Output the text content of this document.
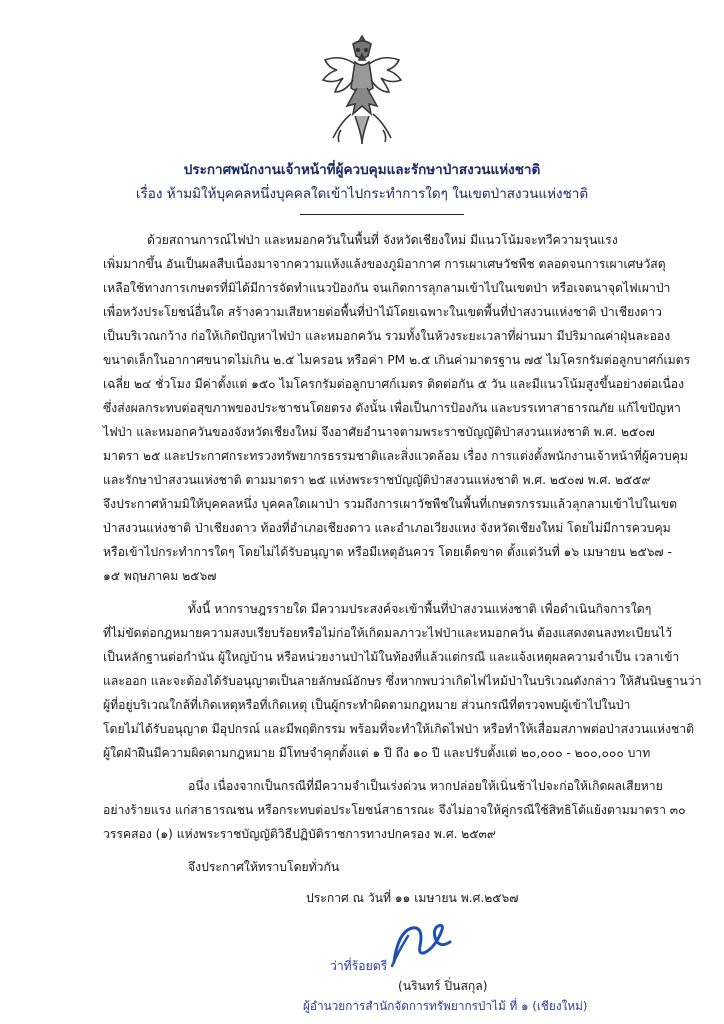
ประกาศพนักงานเจ้าหน้าที่ผู้ควบคุมและรักษาป่าสงวนแห่งชาติ
เรื่อง ห้ามมิให้บุคคลหนึ่งบุคคลใดเข้าไปกระทำการใดๆ ในเขตป่าสงวนแห่งชาติ
ด้วยสถานการณ์ไฟป่า และหมอกควันในพื้นที่ จังหวัดเชียงใหม่ มีแนวโน้มจะทวีความรุนแรง
เพิ่มมากขึ้น อันเป็นผลสืบเนื่องมาจากความแห้งแล้งของภูมิอากาศ การเผาเศษวัชพืช ตลอดจนการเผาเศษวัสดุ
เหลือใช้ทางการเกษตรที่มิได้มีการจัดทำแนวป้องกัน จนเกิดการลุกลามเข้าไปในเขตป่า หรือเจตนาจุดไฟเผาป่า
เพื่อหวังประโยชน์อื่นใด สร้างความเสียหายต่อพื้นที่ป่าไม้โดยเฉพาะในเขตพื้นที่ป่าสงวนแห่งชาติ ป่าเชียงดาว
เป็นบริเวณกว้าง ก่อให้เกิดปัญหาไฟป่า และหมอกควัน รวมทั้งในห้วงระยะเวลาที่ผ่านมา มีปริมาณค่าฝุ่นละออง
ขนาดเล็กในอากาศขนาดไม่เกิน ๒.๕ ไมครอน หรือค่า PM ๒.๕ เกินค่ามาตรฐาน ๗๕ ไมโครกรัมต่อลูกบาศก์เมตร
เฉลี่ย ๒๔ ชั่วโมง มีค่าตั้งแต่ ๑๕๐ ไมโครกรัมต่อลูกบาศก์เมตร ติดต่อกัน ๕ วัน และมีแนวโน้มสูงขึ้นอย่างต่อเนื่อง
ซึ่งส่งผลกระทบต่อสุขภาพของประชาชนโดยตรง ดังนั้น เพื่อเป็นการป้องกัน และบรรเทาสาธารณภัย แก้ไขปัญหา
ไฟป่า และหมอกควันของจังหวัดเชียงใหม่ จึงอาศัยอำนาจตามพระราชบัญญัติป่าสงวนแห่งชาติ พ.ศ. ๒๕๐๗
มาตรา ๒๕ และประกาศกระทรวงทรัพยากรธรรมชาติและสิ่งแวดล้อม เรื่อง การแต่งตั้งพนักงานเจ้าหน้าที่ผู้ควบคุม
และรักษาป่าสงวนแห่งชาติ ตามมาตรา ๒๕ แห่งพระราชบัญญัติป่าสงวนแห่งชาติ พ.ศ. ๒๕๐๗ พ.ศ. ๒๕๕๙
จึงประกาศห้ามมิให้บุคคลหนึ่ง บุคคลใดเผาป่า รวมถึงการเผาวัชพืชในพื้นที่เกษตรกรรมแล้วลุกลามเข้าไปในเขต
ป่าสงวนแห่งชาติ ป่าเชียงดาว ท้องที่อำเภอเชียงดาว และอำเภอเวียงแหง จังหวัดเชียงใหม่ โดยไม่มีการควบคุม
หรือเข้าไปกระทำการใดๆ โดยไม่ได้รับอนุญาต หรือมีเหตุอันควร โดยเด็ดขาด ตั้งแต่วันที่ ๑๖ เมษายน ๒๕๖๗ -
๑๕ พฤษภาคม ๒๕๖๗
ทั้งนี้ หากราษฎรรายใด มีความประสงค์จะเข้าพื้นที่ป่าสงวนแห่งชาติ เพื่อดำเนินกิจการใดๆ
ที่ไม่ขัดต่อกฎหมายความสงบเรียบร้อยหรือไม่ก่อให้เกิดมลภาวะไฟป่าและหมอกควัน ต้องแสดงตนลงทะเบียนไว้
เป็นหลักฐานต่อกำนัน ผู้ใหญ่บ้าน หรือหน่วยงานป่าไม้ในท้องที่แล้วแต่กรณี และแจ้งเหตุผลความจำเป็น เวลาเข้า
และออก และจะต้องได้รับอนุญาตเป็นลายลักษณ์อักษร ซึ่งหากพบว่าเกิดไฟไหม้ป่าในบริเวณดังกล่าว ให้สันนิษฐานว่า
ผู้ที่อยู่บริเวณใกล้ที่เกิดเหตุหรือที่เกิดเหตุ เป็นผู้กระทำผิดตามกฎหมาย ส่วนกรณีที่ตรวจพบผู้เข้าไปในป่า
โดยไม่ได้รับอนุญาต มีอุปกรณ์ และมีพฤติกรรม พร้อมที่จะทำให้เกิดไฟป่า หรือทำให้เสื่อมสภาพต่อป่าสงวนแห่งชาติ
ผู้ใดฝ่าฝืนมีความผิดตามกฎหมาย มีโทษจำคุกตั้งแต่ ๑ ปี ถึง ๑๐ ปี และปรับตั้งแต่ ๒๐,๐๐๐ - ๒๐๐,๐๐๐ บาท
อนึ่ง เนื่องจากเป็นกรณีที่มีความจำเป็นเร่งด่วน หากปล่อยให้เนิ่นช้าไปจะก่อให้เกิดผลเสียหาย
อย่างร้ายแรง แก่สาธารณชน หรือกระทบต่อประโยชน์สาธารณะ จึงไม่อาจให้คู่กรณีใช้สิทธิโต้แย้งตามมาตรา ๓๐
วรรคสอง (๑) แห่งพระราชบัญญัติวิธีปฏิบัติราชการทางปกครอง พ.ศ. ๒๕๓๙
จึงประกาศให้ทราบโดยทั่วกัน
ประกาศ ณ วันที่ ๑๑ เมษายน พ.ศ.๒๕๖๗
ว่าที่ร้อยตรี
(นรินทร์ ปิ่นสกุล)
ผู้อำนวยการสำนักจัดการทรัพยากรป่าไม้ ที่ ๑ (เชียงใหม่)
